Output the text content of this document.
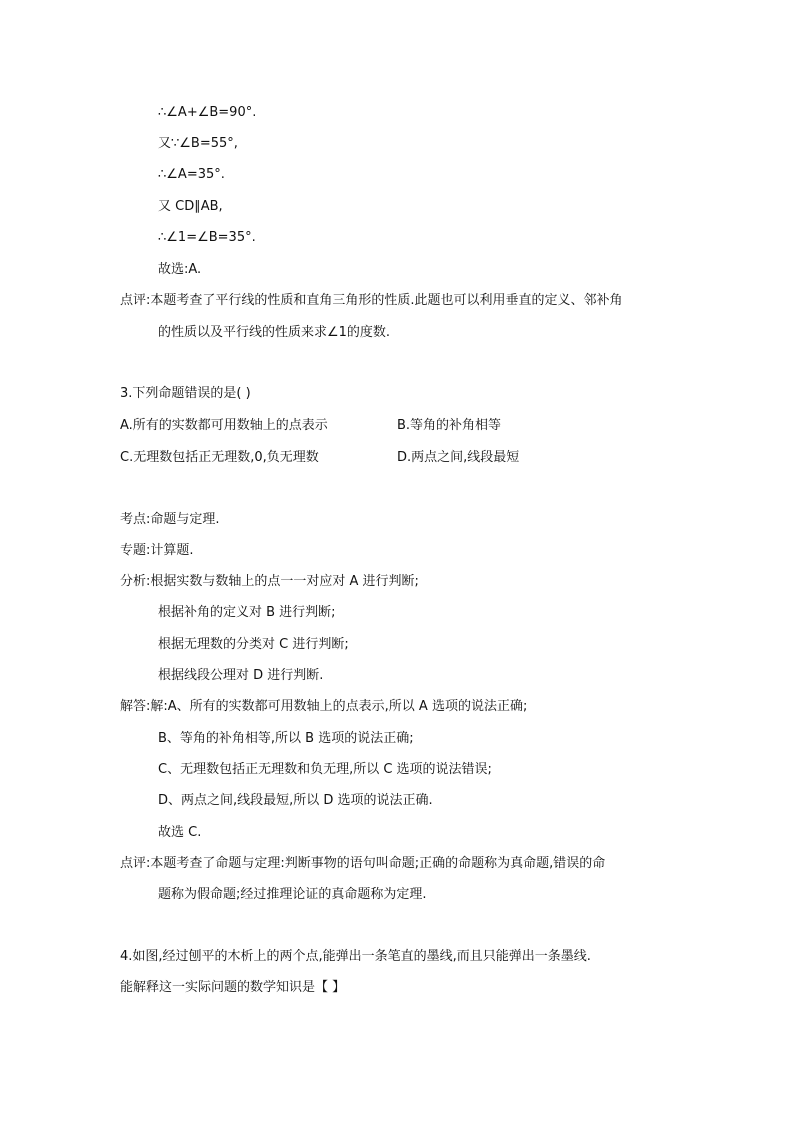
∴∠A+∠B=90°.
又∵∠B=55°,
∴∠A=35°.
又 CD∥AB,
∴∠1=∠B=35°.
故选:A.
点评:本题考查了平行线的性质和直角三角形的性质.此题也可以利用垂直的定义、邻补角
的性质以及平行线的性质来求∠1的度数.
3.下列命题错误的是( )
A.所有的实数都可用数轴上的点表示	B.等角的补角相等
C.无理数包括正无理数,0,负无理数	D.两点之间,线段最短
考点:命题与定理.
专题:计算题.
分析:根据实数与数轴上的点一一对应对 A 进行判断;
根据补角的定义对 B 进行判断;
根据无理数的分类对 C 进行判断;
根据线段公理对 D 进行判断.
解答:解:A、所有的实数都可用数轴上的点表示,所以 A 选项的说法正确;
B、等角的补角相等,所以 B 选项的说法正确;
C、无理数包括正无理数和负无理,所以 C 选项的说法错误;
D、两点之间,线段最短,所以 D 选项的说法正确.
故选 C.
点评:本题考查了命题与定理:判断事物的语句叫命题;正确的命题称为真命题,错误的命
题称为假命题;经过推理论证的真命题称为定理.
4.如图,经过刨平的木析上的两个点,能弹出一条笔直的墨线,而且只能弹出一条墨线.
能解释这一实际问题的数学知识是【 】
